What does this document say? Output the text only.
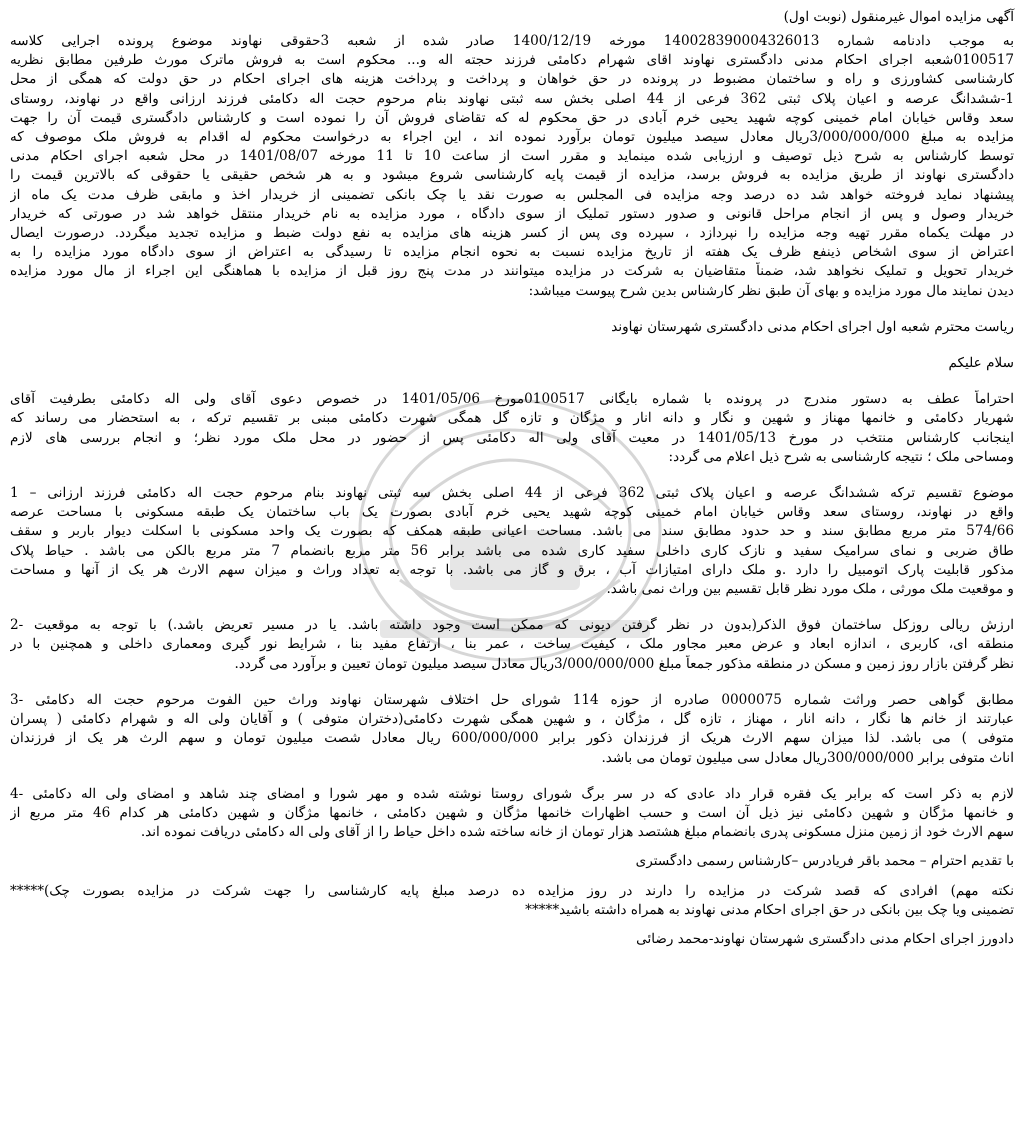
آگهی مزایده اموال غیرمنقول (نوبت اول)
به موجب دادنامه شماره 140028390004326013 مورخه 1400/12/19 صادر شده از شعبه 3حقوقی نهاوند موضوع پرونده اجرایی کلاسه
0100517شعبه اجرای احکام مدنی دادگستری نهاوند اقای شهرام دکامئی فرزند حجته اله و... محکوم است به فروش ماترک مورث طرفین مطابق نظریه
کارشناسی کشاورزی و راه و ساختمان مضبوط در پرونده در حق خواهان و پرداخت و پرداخت هزینه های اجرای احکام در حق دولت که همگی از محل
1-ششدانگ عرصه و اعیان پلاک ثبتی 362 فرعی از 44 اصلی بخش سه ثبتی نهاوند بنام مرحوم حجت اله دکامئی فرزند ارزانی واقع در نهاوند، روستای
سعد وقاس خیابان امام خمینی کوچه شهید یحیی خرم آبادی در حق محکوم له که تقاضای فروش آن را نموده است و کارشناس دادگستری قیمت آن را جهت
مزایده به مبلغ 3/000/000/000ریال معادل سیصد میلیون تومان برآورد نموده اند ، این اجراء به درخواست محکوم له اقدام به فروش ملک موصوف که
توسط کارشناس به شرح ذیل توصیف و ارزیابی شده مینماید و مقرر است از ساعت 10 تا 11 مورخه 1401/08/07 در محل شعبه اجرای احکام مدنی
دادگستری نهاوند از طریق مزایده به فروش برسد، مزایده از قیمت پایه کارشناسی شروع میشود و به هر شخص حقیقی یا حقوقی که بالاترین قیمت را
پیشنهاد نماید فروخته خواهد شد ده درصد وجه مزایده فی المجلس به صورت نقد یا چک بانکی تضمینی از خریدار اخذ و مابقی ظرف مدت یک ماه از
خریدار وصول و پس از انجام مراحل قانونی و صدور دستور تملیک از سوی دادگاه ، مورد مزایده به نام خریدار منتقل خواهد شد در صورتی که خریدار
در مهلت یکماه مقرر تهیه وجه مزایده را نپردازد ، سپرده وی پس از کسر هزینه های مزایده به نفع دولت ضبط و مزایده تجدید میگردد. درصورت ایصال
اعتراض از سوی اشخاص ذینفع ظرف یک هفته از تاریخ مزایده نسبت به نحوه انجام مزایده تا رسیدگی به اعتراض از سوی دادگاه مورد مزایده را به
خریدار تحویل و تملیک نخواهد شد، ضمناً متقاضیان به شرکت در مزایده میتوانند در مدت پنج روز قبل از مزایده با هماهنگی این اجراء از مال مورد مزایده
دیدن نمایند مال مورد مزایده و بهای آن طبق نظر کارشناس بدین شرح پیوست میباشد:
ریاست محترم شعبه اول اجرای احکام مدنی دادگستری شهرستان نهاوند
سلام علیکم
احتراماً عطف به دستور مندرج در پرونده با شماره بایگانی 0100517مورخ 1401/05/06 در خصوص دعوی آقای ولی اله دکامئی بطرفیت آقای
شهریار دکامئی و خانمها مهناز و شهین و نگار و دانه انار و مژگان و تازه گل همگی شهرت دکامئی مبنی بر تقسیم ترکه ، به استحضار می رساند که
اینجانب کارشناس منتخب در مورخ 1401/05/13 در معیت آقای ولی اله دکامئی پس از حضور در محل ملک مورد نظر؛ و انجام بررسی های لازم
ومساحی ملک ؛ نتیجه کارشناسی به شرح ذیل اعلام می گردد:
موضوع تقسیم ترکه ششدانگ عرصه و اعیان پلاک ثبتی 362 فرعی از 44 اصلی بخش سه ثبتی نهاوند بنام مرحوم حجت اله دکامئی فرزند ارزانی – 1
واقع در نهاوند، روستای سعد وقاس خیابان امام خمینی کوچه شهید یحیی خرم آبادی بصورت یک باب ساختمان یک طبقه مسکونی با مساحت عرصه
574/66 متر مربع مطابق سند و حد حدود مطابق سند می باشد. مساحت اعیانی طبقه همکف که بصورت یک واحد مسکونی با اسکلت دیوار باربر و سقف
طاق ضربی و نمای سرامیک سفید و نازک کاری داخلی سفید کاری شده می باشد برابر 56 متر مربع بانضمام 7 متر مربع بالکن می باشد . حیاط پلاک
مذکور قابلیت پارک اتومبیل را دارد .و ملک دارای امتیازات آب ، برق و گاز می باشد. با توجه به تعداد وراث و میزان سهم الارث هر یک از آنها و مساحت
و موقعیت ملک مورثی ، ملک مورد نظر قابل تقسیم بین وراث نمی باشد.
ارزش ریالی روزکل ساختمان فوق الذکر(بدون در نظر گرفتن دیونی که ممکن است وجود داشته باشد. یا در مسیر تعریض باشد.) با توجه به موقعیت -2
منطقه ای، کاربری ، اندازه ابعاد و عرض معبر مجاور ملک ، کیفیت ساخت ، عمر بنا ، ارتفاع مفید بنا ، شرایط نور گیری ومعماری داخلی و همچنین با در
نظر گرفتن بازار روز زمین و مسکن در منطقه مذکور جمعاً مبلغ 3/000/000/000ریال معادل سیصد میلیون تومان تعیین و برآورد می گردد.
مطابق گواهی حصر وراثت شماره 0000075 صادره از حوزه 114 شورای حل اختلاف شهرستان نهاوند وراث حین الفوت مرحوم حجت اله دکامئی -3
عبارتند از خانم ها نگار ، دانه انار ، مهناز ، تازه گل ، مژگان ، و شهین همگی شهرت دکامئی(دختران متوفی ) و آقایان ولی اله و شهرام دکامئی ( پسران
متوفی ) می باشد. لذا میزان سهم الارث هریک از فرزندان ذکور برابر 600/000/000 ریال معادل شصت میلیون تومان و سهم الرث هر یک از فرزندان
اناث متوفی برابر 300/000/000ریال معادل سی میلیون تومان می باشد.
لازم به ذکر است که برابر یک فقره قرار داد عادی که در سر برگ شورای روستا نوشته شده و مهر شورا و امضای چند شاهد و امضای ولی اله دکامئی -4
و خانمها مژگان و شهین دکامئی نیز ذیل آن است و حسب اظهارات خانمها مژگان و شهین دکامئی ، خانمها مژگان و شهین دکامئی هر کدام 46 متر مربع از
سهم الارث خود از زمین منزل مسکونی پدری بانضمام مبلغ هشتصد هزار تومان از خانه ساخته شده داخل حیاط را از آقای ولی اله دکامئی دریافت نموده اند.
با تقدیم احترام – محمد باقر فریادرس –کارشناس رسمی دادگستری
نکته مهم) افرادی که قصد شرکت در مزایده را دارند در روز مزایده ده درصد مبلغ پایه کارشناسی را جهت شرکت در مزایده بصورت چک)*****
تضمینی ویا چک بین بانکی در حق اجرای احکام مدنی نهاوند به همراه داشته باشید*****
دادورز اجرای احکام مدنی دادگستری شهرستان نهاوند-محمد رضائی
